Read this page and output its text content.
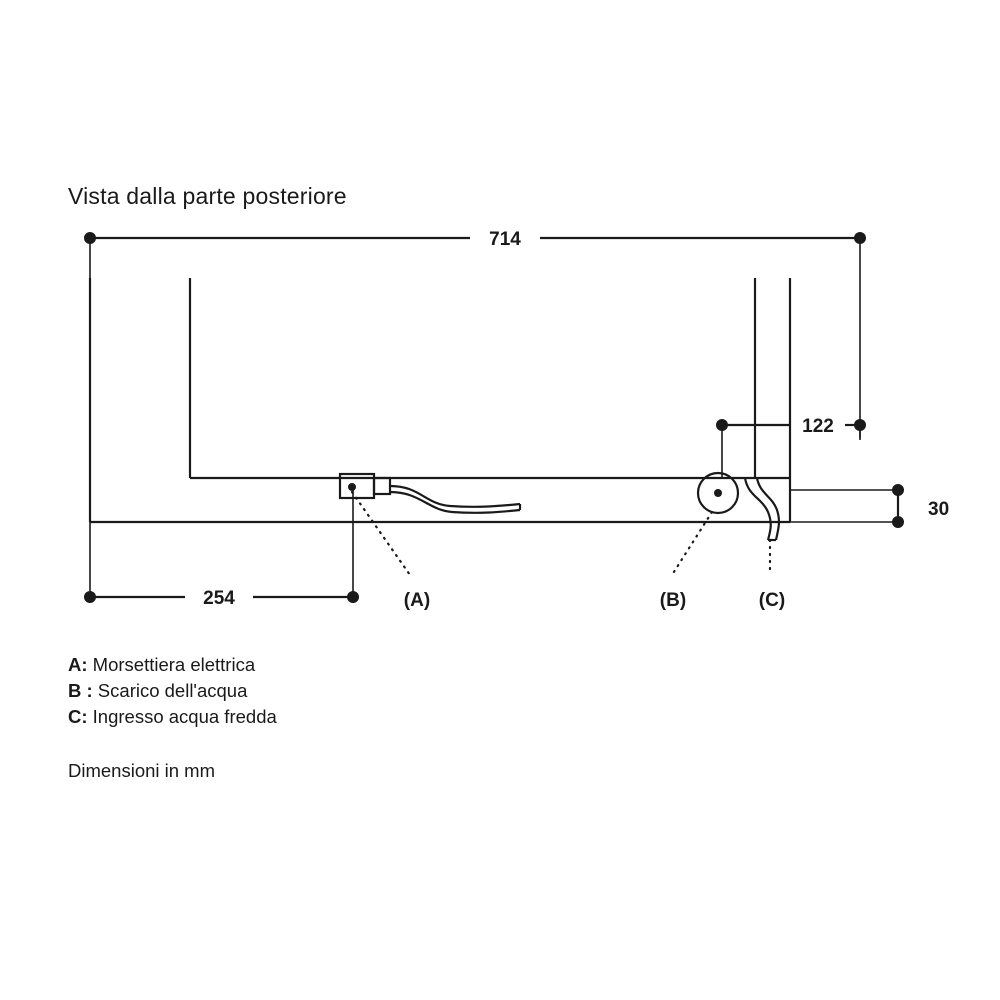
Vista dalla parte posteriore
714
122
30
254	(A)	(B)	(C)
A: Morsettiera elettrica
B : Scarico dell'acqua
C: Ingresso acqua fredda
Dimensioni in mm
